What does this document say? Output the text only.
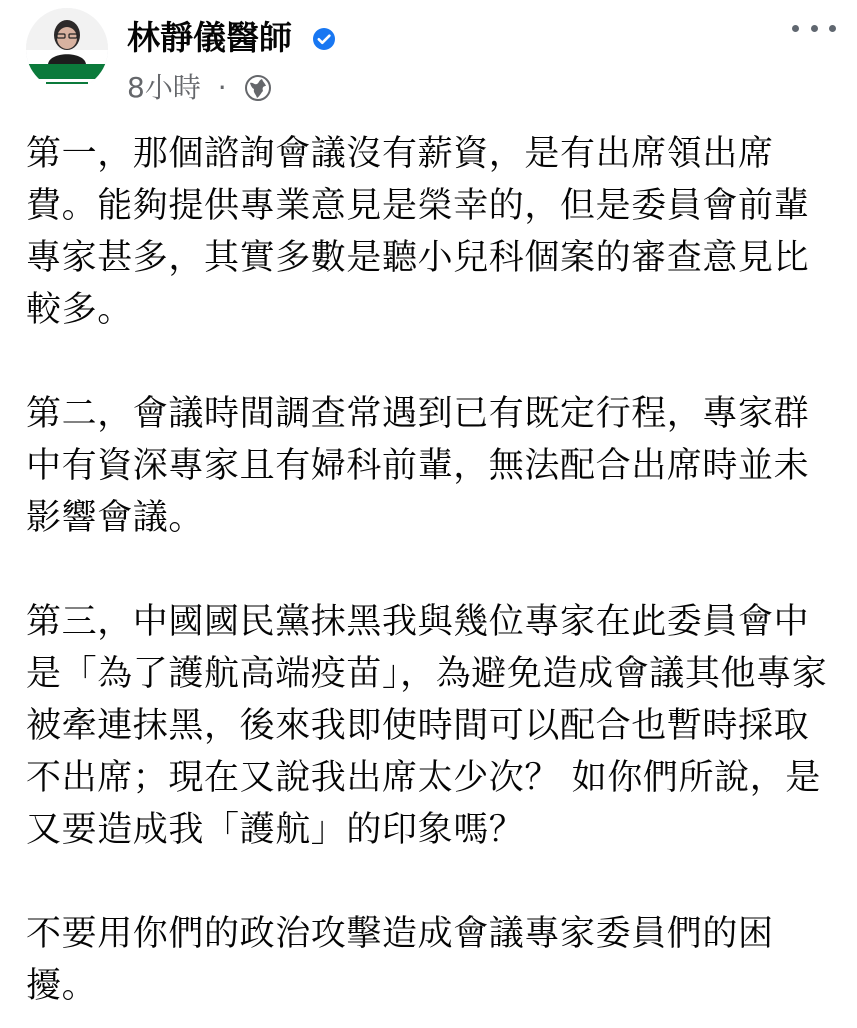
林靜儀醫師
8小時 ·

第一，那個諮詢會議沒有薪資，是有出席領出席費。能夠提供專業意見是榮幸的，但是委員會前輩專家甚多，其實多數是聽小兒科個案的審查意見比較多。

第二，會議時間調查常遇到已有既定行程，專家群中有資深專家且有婦科前輩，無法配合出席時並未影響會議。

第三，中國國民黨抹黑我與幾位專家在此委員會中是「為了護航高端疫苗」，為避免造成會議其他專家被牽連抹黑，後來我即使時間可以配合也暫時採取不出席；現在又說我出席太少次？ 如你們所說，是又要造成我「護航」的印象嗎？

不要用你們的政治攻擊造成會議專家委員們的困擾。
